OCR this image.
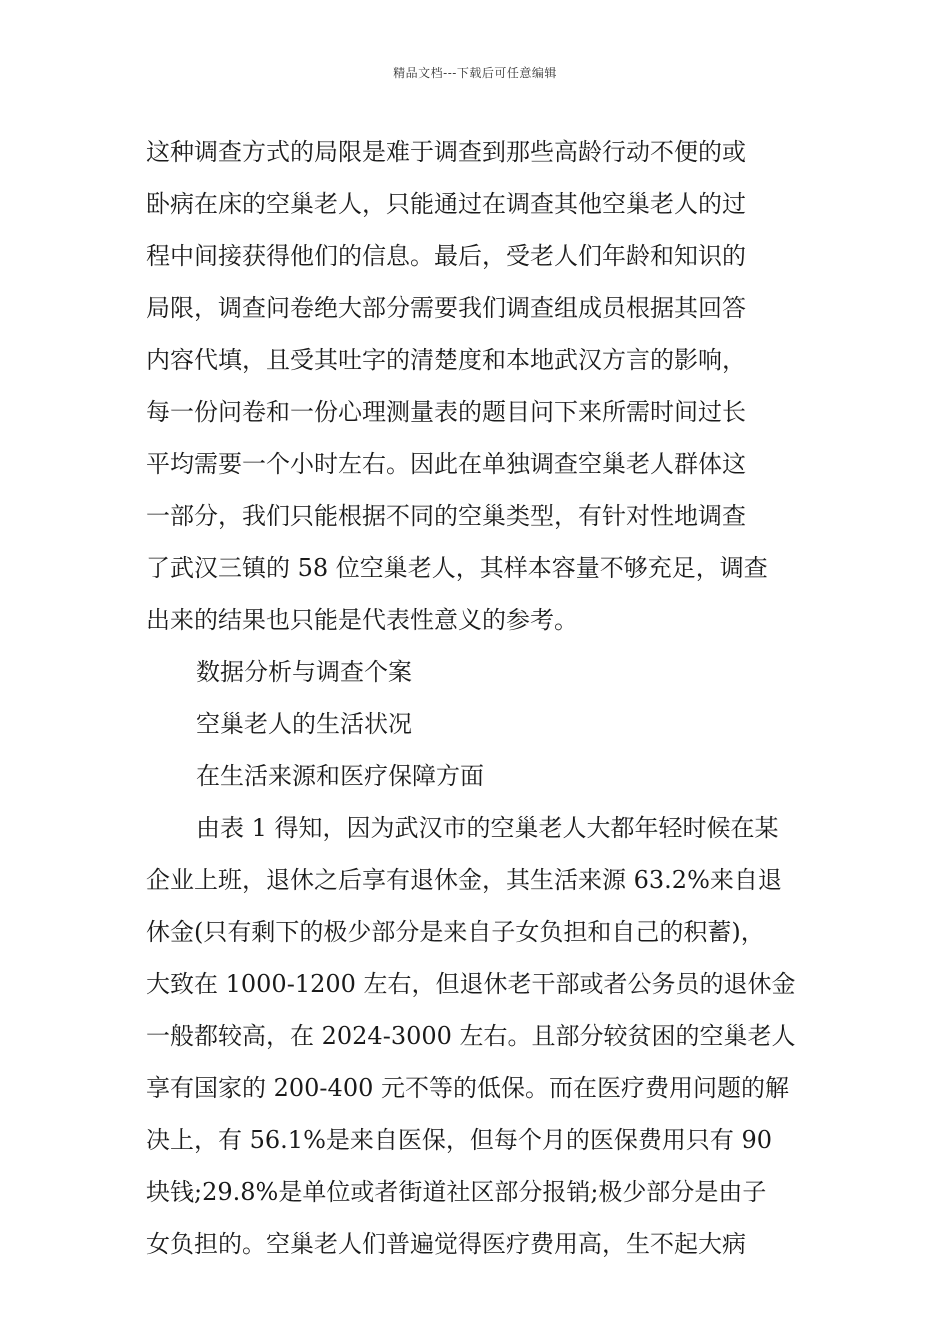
精品文档---下载后可任意编辑
这种调查方式的局限是难于调查到那些高龄行动不便的或
卧病在床的空巢老人，只能通过在调查其他空巢老人的过
程中间接获得他们的信息。最后，受老人们年龄和知识的
局限，调查问卷绝大部分需要我们调查组成员根据其回答
内容代填，且受其吐字的清楚度和本地武汉方言的影响，
每一份问卷和一份心理测量表的题目问下来所需时间过长
平均需要一个小时左右。因此在单独调查空巢老人群体这
一部分，我们只能根据不同的空巢类型，有针对性地调查
了武汉三镇的 58 位空巢老人，其样本容量不够充足，调查
出来的结果也只能是代表性意义的参考。
数据分析与调查个案
空巢老人的生活状况
在生活来源和医疗保障方面
由表 1 得知，因为武汉市的空巢老人大都年轻时候在某
企业上班，退休之后享有退休金，其生活来源 63.2%来自退
休金(只有剩下的极少部分是来自子女负担和自己的积蓄)，
大致在 1000-1200 左右，但退休老干部或者公务员的退休金
一般都较高，在 2024-3000 左右。且部分较贫困的空巢老人
享有国家的 200-400 元不等的低保。而在医疗费用问题的解
决上，有 56.1%是来自医保，但每个月的医保费用只有 90
块钱;29.8%是单位或者街道社区部分报销;极少部分是由子
女负担的。空巢老人们普遍觉得医疗费用高，生不起大病
